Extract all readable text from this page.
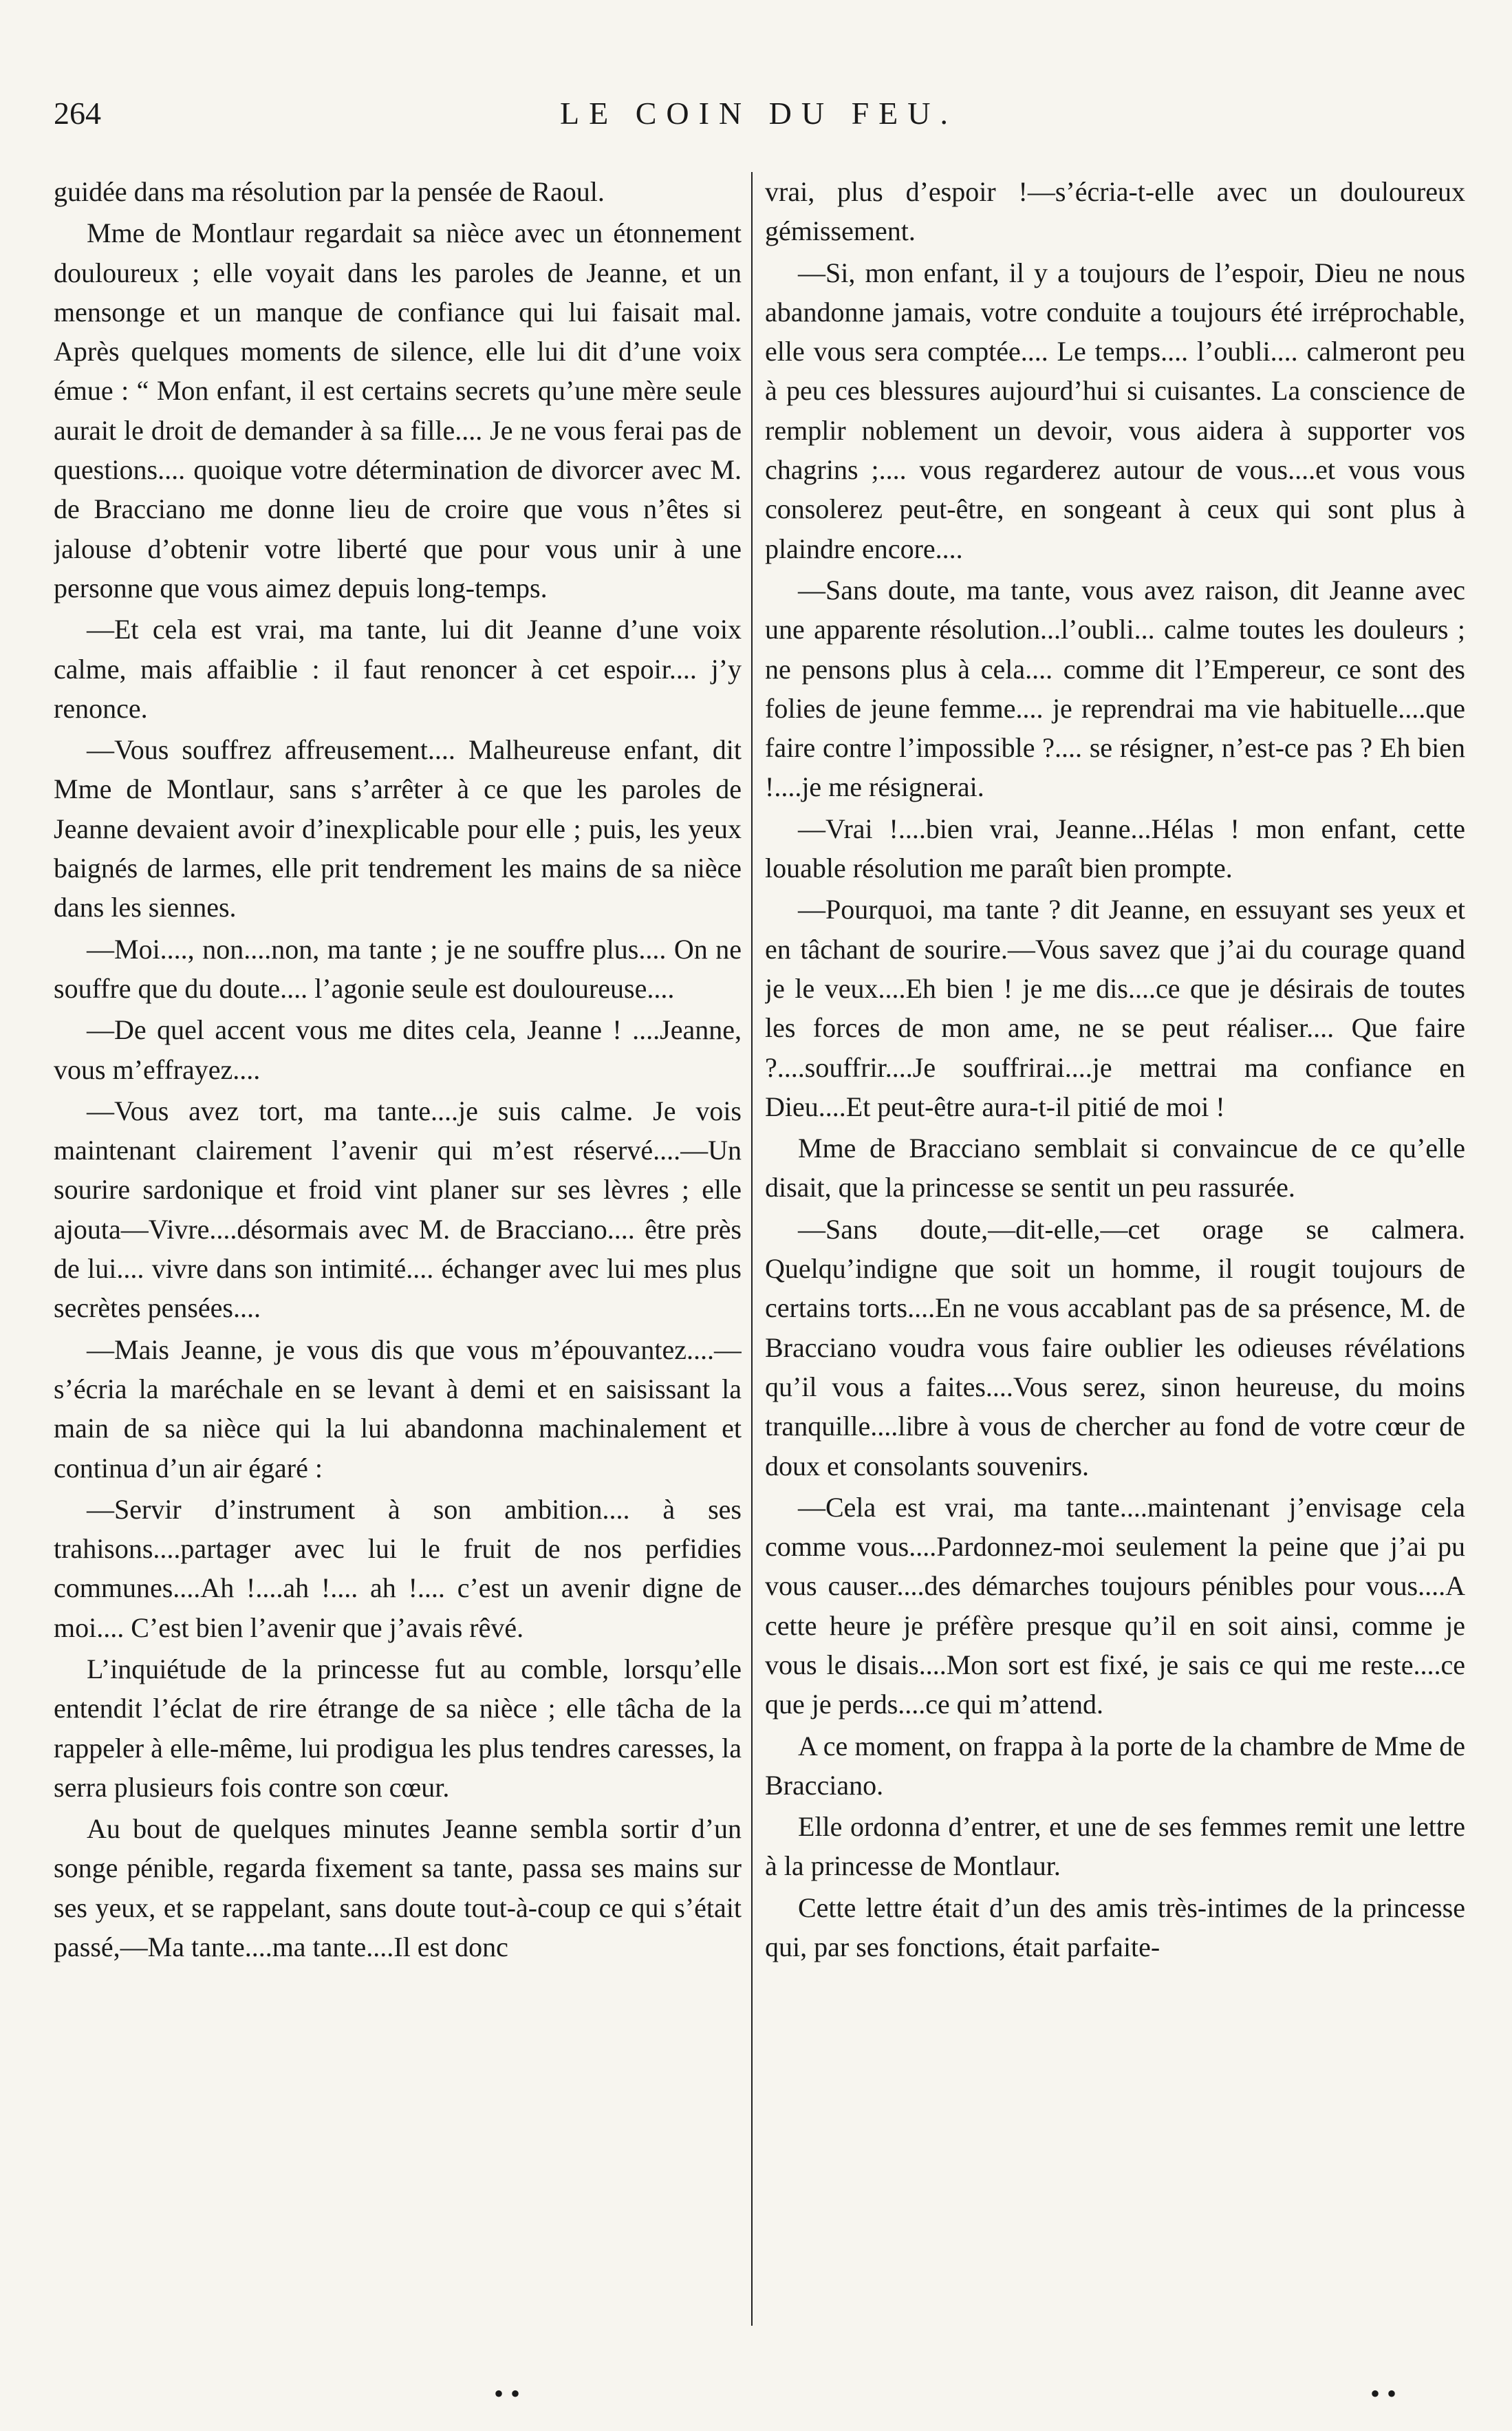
264	LE COIN DU FEU.

guidée dans ma résolution par la pensée de Raoul.

Mme de Montlaur regardait sa nièce avec un étonnement douloureux ; elle voyait dans les paroles de Jeanne, et un mensonge et un manque de confiance qui lui faisait mal. Après quelques moments de silence, elle lui dit d’une voix émue : “ Mon enfant, il est certains secrets qu’une mère seule aurait le droit de demander à sa fille.... Je ne vous ferai pas de questions.... quoique votre détermination de divorcer avec M. de Bracciano me donne lieu de croire que vous n’êtes si jalouse d’obtenir votre liberté que pour vous unir à une personne que vous aimez depuis long-temps.

—Et cela est vrai, ma tante, lui dit Jeanne d’une voix calme, mais affaiblie : il faut renoncer à cet espoir.... j’y renonce.

—Vous souffrez affreusement.... Malheureuse enfant, dit Mme de Montlaur, sans s’arrêter à ce que les paroles de Jeanne devaient avoir d’inexplicable pour elle ; puis, les yeux baignés de larmes, elle prit tendrement les mains de sa nièce dans les siennes.

—Moi...., non....non, ma tante ; je ne souffre plus.... On ne souffre que du doute.... l’agonie seule est douloureuse....

—De quel accent vous me dites cela, Jeanne ! ....Jeanne, vous m’effrayez....

—Vous avez tort, ma tante....je suis calme. Je vois maintenant clairement l’avenir qui m’est réservé....—Un sourire sardonique et froid vint planer sur ses lèvres ; elle ajouta—Vivre....désormais avec M. de Bracciano.... être près de lui.... vivre dans son intimité.... échanger avec lui mes plus secrètes pensées....

—Mais Jeanne, je vous dis que vous m’épouvantez....—s’écria la maréchale en se levant à demi et en saisissant la main de sa nièce qui la lui abandonna machinalement et continua d’un air égaré :

—Servir d’instrument à son ambition.... à ses trahisons....partager avec lui le fruit de nos perfidies communes....Ah !....ah !.... ah !.... c’est un avenir digne de moi.... C’est bien l’avenir que j’avais rêvé.

L’inquiétude de la princesse fut au comble, lorsqu’elle entendit l’éclat de rire étrange de sa nièce ; elle tâcha de la rappeler à elle-même, lui prodigua les plus tendres caresses, la serra plusieurs fois contre son cœur.

Au bout de quelques minutes Jeanne sembla sortir d’un songe pénible, regarda fixement sa tante, passa ses mains sur ses yeux, et se rappelant, sans doute tout-à-coup ce qui s’était passé,—Ma tante....ma tante....Il est donc

vrai, plus d’espoir !—s’écria-t-elle avec un douloureux gémissement.

—Si, mon enfant, il y a toujours de l’espoir, Dieu ne nous abandonne jamais, votre conduite a toujours été irréprochable, elle vous sera comptée.... Le temps.... l’oubli.... calmeront peu à peu ces blessures aujourd’hui si cuisantes. La conscience de remplir noblement un devoir, vous aidera à supporter vos chagrins ;.... vous regarderez autour de vous....et vous vous consolerez peut-être, en songeant à ceux qui sont plus à plaindre encore....

—Sans doute, ma tante, vous avez raison, dit Jeanne avec une apparente résolution...l’oubli... calme toutes les douleurs ; ne pensons plus à cela.... comme dit l’Empereur, ce sont des folies de jeune femme.... je reprendrai ma vie habituelle....que faire contre l’impossible ?.... se résigner, n’est-ce pas ? Eh bien !....je me résignerai.

—Vrai !....bien vrai, Jeanne...Hélas ! mon enfant, cette louable résolution me paraît bien prompte.

—Pourquoi, ma tante ? dit Jeanne, en essuyant ses yeux et en tâchant de sourire.—Vous savez que j’ai du courage quand je le veux....Eh bien ! je me dis....ce que je désirais de toutes les forces de mon ame, ne se peut réaliser.... Que faire ?....souffrir....Je souffrirai....je mettrai ma confiance en Dieu....Et peut-être aura-t-il pitié de moi !

Mme de Bracciano semblait si convaincue de ce qu’elle disait, que la princesse se sentit un peu rassurée.

—Sans doute,—dit-elle,—cet orage se calmera. Quelqu’indigne que soit un homme, il rougit toujours de certains torts....En ne vous accablant pas de sa présence, M. de Bracciano voudra vous faire oublier les odieuses révélations qu’il vous a faites....Vous serez, sinon heureuse, du moins tranquille....libre à vous de chercher au fond de votre cœur de doux et consolants souvenirs.

—Cela est vrai, ma tante....maintenant j’envisage cela comme vous....Pardonnez-moi seulement la peine que j’ai pu vous causer....des démarches toujours pénibles pour vous....A cette heure je préfère presque qu’il en soit ainsi, comme je vous le disais....Mon sort est fixé, je sais ce qui me reste....ce que je perds....ce qui m’attend.

A ce moment, on frappa à la porte de la chambre de Mme de Bracciano.

Elle ordonna d’entrer, et une de ses femmes remit une lettre à la princesse de Montlaur.

Cette lettre était d’un des amis très-intimes de la princesse qui, par ses fonctions, était parfaite-

• •	• •
